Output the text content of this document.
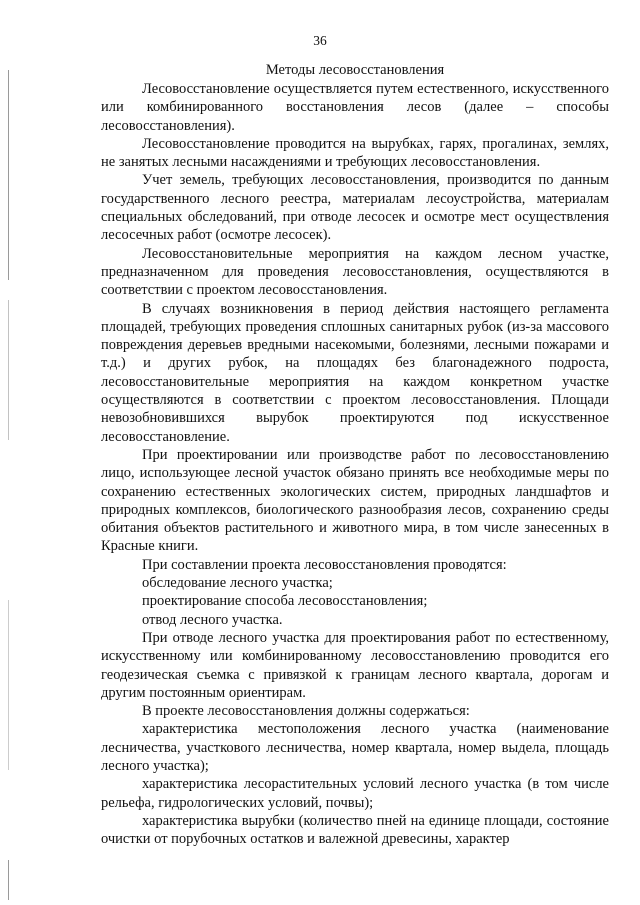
36
Методы лесовосстановления

Лесовосстановление осуществляется путем естественного, искусственного или комбинированного восстановления лесов (далее – способы лесовосстановления).

Лесовосстановление проводится на вырубках, гарях, прогалинах, землях, не занятых лесными насаждениями и требующих лесовосстановления.

Учет земель, требующих лесовосстановления, производится по данным государственного лесного реестра, материалам лесоустройства, материалам специальных обследований, при отводе лесосек и осмотре мест осуществления лесосечных работ (осмотре лесосек).

Лесовосстановительные мероприятия на каждом лесном участке, предназначенном для проведения лесовосстановления, осуществляются в соответствии с проектом лесовосстановления.

В случаях возникновения в период действия настоящего регламента площадей, требующих проведения сплошных санитарных рубок (из-за массового повреждения деревьев вредными насекомыми, болезнями, лесными пожарами и т.д.) и других рубок, на площадях без благонадежного подроста, лесовосстановительные мероприятия на каждом конкретном участке осуществляются в соответствии с проектом лесовосстановления. Площади невозобновившихся вырубок проектируются под искусственное лесовосстановление.

При проектировании или производстве работ по лесовосстановлению лицо, использующее лесной участок обязано принять все необходимые меры по сохранению естественных экологических систем, природных ландшафтов и природных комплексов, биологического разнообразия лесов, сохранению среды обитания объектов растительного и животного мира, в том числе занесенных в Красные книги.

При составлении проекта лесовосстановления проводятся:

обследование лесного участка;

проектирование способа лесовосстановления;

отвод лесного участка.

При отводе лесного участка для проектирования работ по естественному, искусственному или комбинированному лесовосстановлению проводится его геодезическая съемка с привязкой к границам лесного квартала, дорогам и другим постоянным ориентирам.

В проекте лесовосстановления должны содержаться:

характеристика местоположения лесного участка (наименование лесничества, участкового лесничества, номер квартала, номер выдела, площадь лесного участка);

характеристика лесорастительных условий лесного участка (в том числе рельефа, гидрологических условий, почвы);

характеристика вырубки (количество пней на единице площади, состояние очистки от порубочных остатков и валежной древесины, характер
